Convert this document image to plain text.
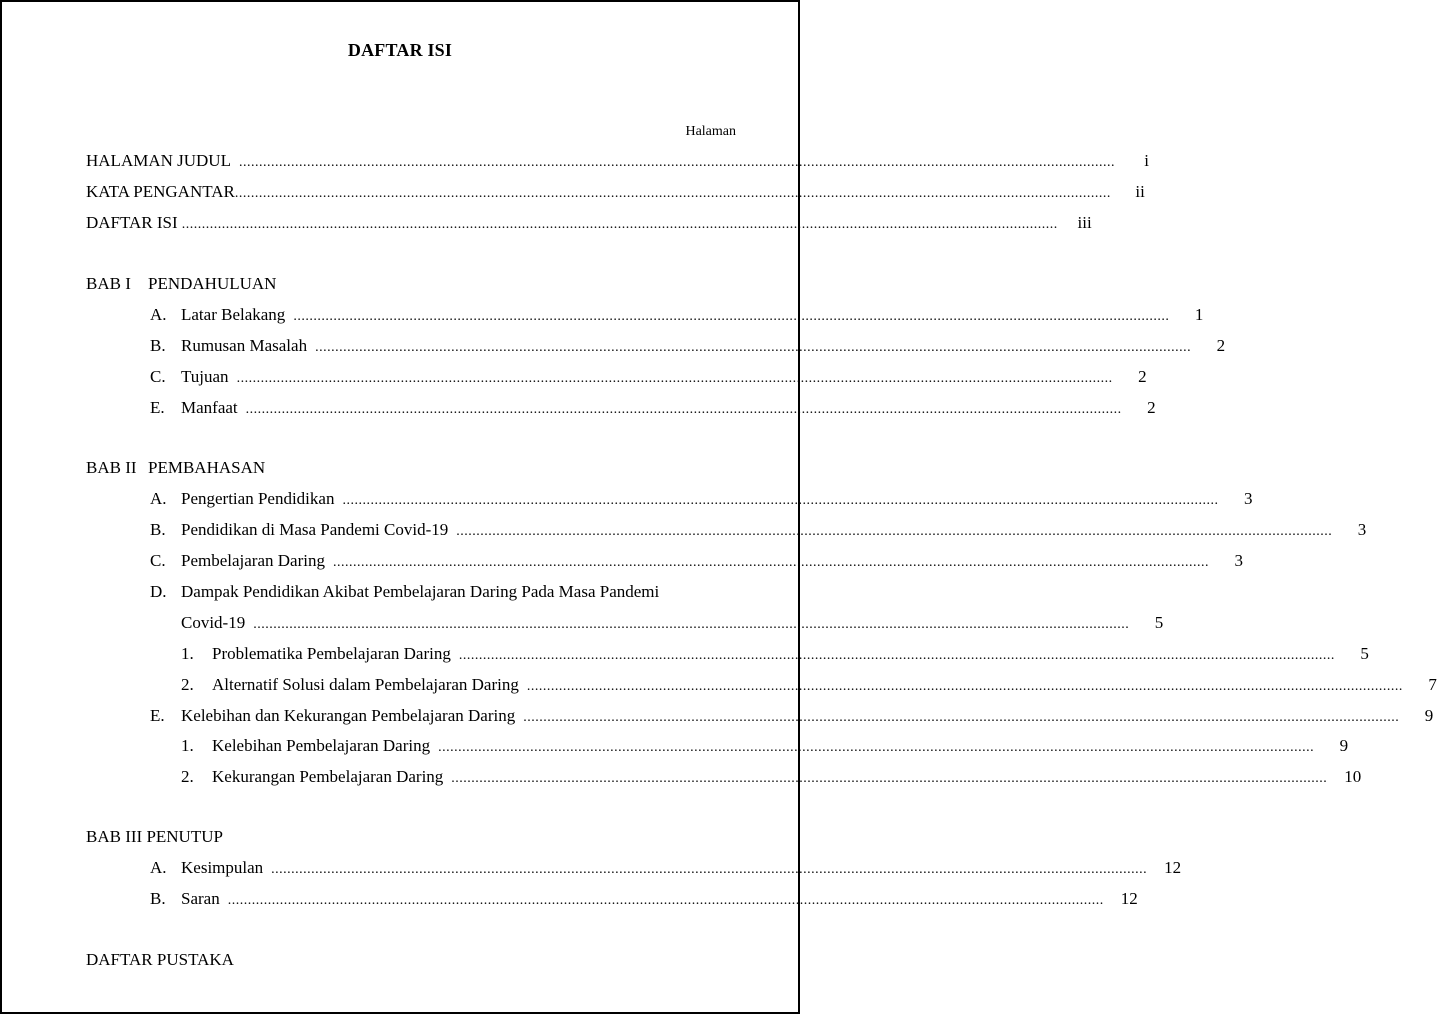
DAFTAR ISI
Halaman
HALAMAN JUDUL ...........................................................................................................................................................................................................................	i
KATA PENGANTAR ...........................................................................................................................................................................................................................	ii
DAFTAR ISI ...........................................................................................................................................................................................................................	iii
BAB I PENDAHULUAN
A. Latar Belakang ...........................................................................................................................................................................................................................	1
B. Rumusan Masalah ...........................................................................................................................................................................................................................	2
C. Tujuan ...........................................................................................................................................................................................................................	2
E. Manfaat ...........................................................................................................................................................................................................................	2
BAB II PEMBAHASAN
A. Pengertian Pendidikan ...........................................................................................................................................................................................................................	3
B. Pendidikan di Masa Pandemi Covid-19 ...........................................................................................................................................................................................................................	3
C. Pembelajaran Daring ...........................................................................................................................................................................................................................	3
D. Dampak Pendidikan Akibat Pembelajaran Daring Pada Masa Pandemi
Covid-19 ...........................................................................................................................................................................................................................	5
1. Problematika Pembelajaran Daring ...........................................................................................................................................................................................................................	5
2. Alternatif Solusi dalam Pembelajaran Daring ...........................................................................................................................................................................................................................	7
E. Kelebihan dan Kekurangan Pembelajaran Daring ...........................................................................................................................................................................................................................	9
1. Kelebihan Pembelajaran Daring ...........................................................................................................................................................................................................................	9
2. Kekurangan Pembelajaran Daring ...........................................................................................................................................................................................................................	10
BAB III PENUTUP
A. Kesimpulan ...........................................................................................................................................................................................................................	12
B. Saran ...........................................................................................................................................................................................................................	12
DAFTAR PUSTAKA
